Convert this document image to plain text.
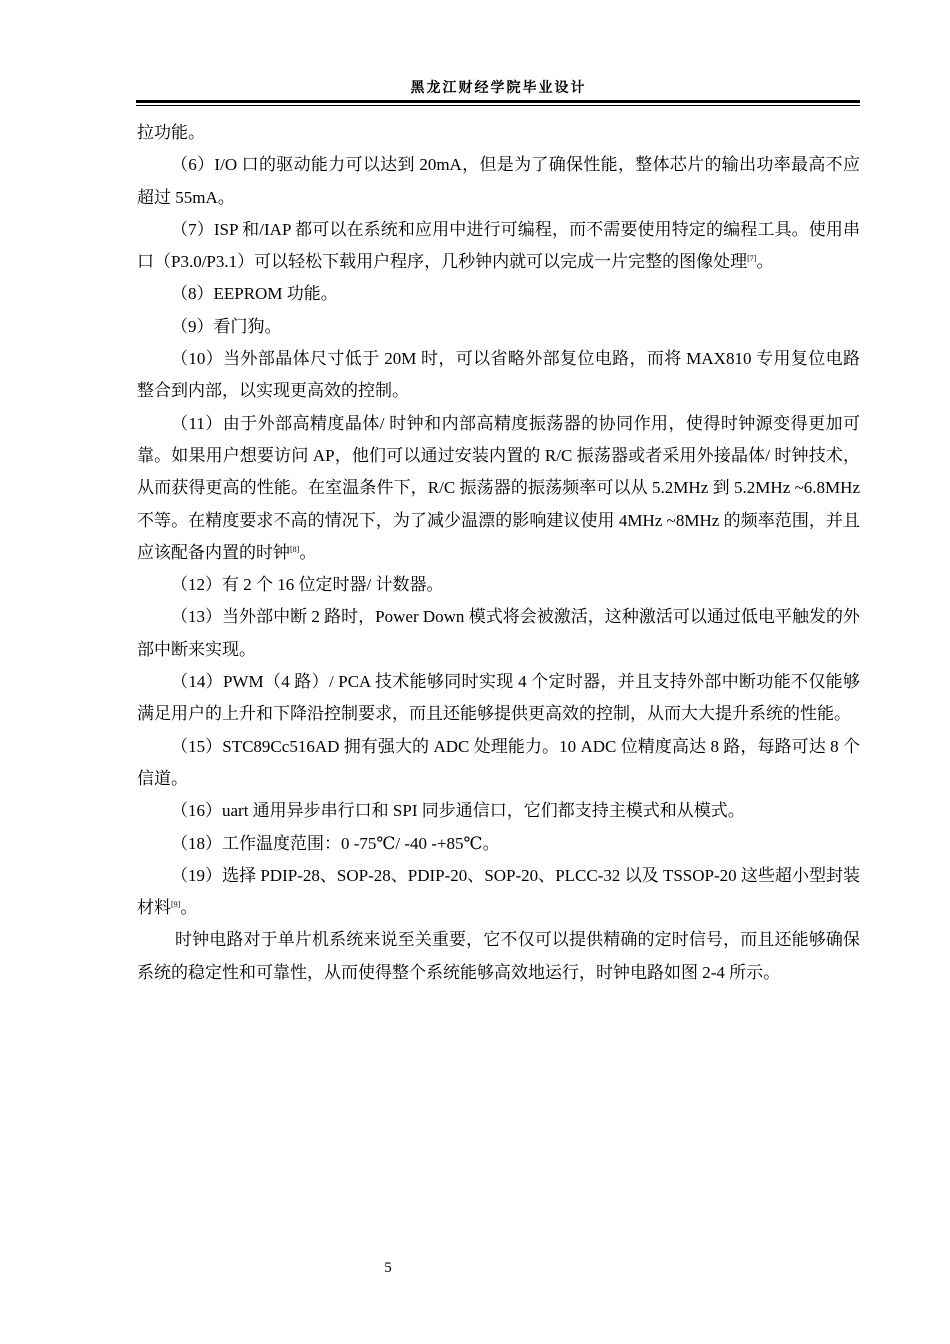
黑龙江财经学院毕业设计

拉功能。

（6）I/O 口的驱动能力可以达到 20mA，但是为了确保性能，整体芯片的输出功率最高不应超过 55mA。

（7）ISP 和/IAP 都可以在系统和应用中进行可编程，而不需要使用特定的编程工具。使用串口（P3.0/P3.1）可以轻松下载用户程序，几秒钟内就可以完成一片完整的图像处理[7]。

（8）EEPROM 功能。

（9）看门狗。

（10）当外部晶体尺寸低于 20M 时，可以省略外部复位电路，而将 MAX810 专用复位电路整合到内部，以实现更高效的控制。

（11）由于外部高精度晶体/ 时钟和内部高精度振荡器的协同作用，使得时钟源变得更加可靠。如果用户想要访问 AP，他们可以通过安装内置的 R/C 振荡器或者采用外接晶体/ 时钟技术，从而获得更高的性能。在室温条件下，R/C 振荡器的振荡频率可以从 5.2MHz 到 5.2MHz ~6.8MHz 不等。在精度要求不高的情况下，为了减少温漂的影响建议使用 4MHz ~8MHz 的频率范围，并且应该配备内置的时钟[8]。

（12）有 2 个 16 位定时器/ 计数器。

（13）当外部中断 2 路时，Power Down 模式将会被激活，这种激活可以通过低电平触发的外部中断来实现。

（14）PWM（4 路）/ PCA 技术能够同时实现 4 个定时器，并且支持外部中断功能不仅能够满足用户的上升和下降沿控制要求，而且还能够提供更高效的控制，从而大大提升系统的性能。

（15）STC89Cc516AD 拥有强大的 ADC 处理能力。10 ADC 位精度高达 8 路，每路可达 8 个信道。

（16）uart 通用异步串行口和 SPI 同步通信口，它们都支持主模式和从模式。

（18）工作温度范围：0 -75℃/ -40 -+85℃。

（19）选择 PDIP-28、SOP-28、PDIP-20、SOP-20、PLCC-32 以及 TSSOP-20 这些超小型封装材料[9]。

时钟电路对于单片机系统来说至关重要，它不仅可以提供精确的定时信号，而且还能够确保系统的稳定性和可靠性，从而使得整个系统能够高效地运行，时钟电路如图 2-4 所示。

5
